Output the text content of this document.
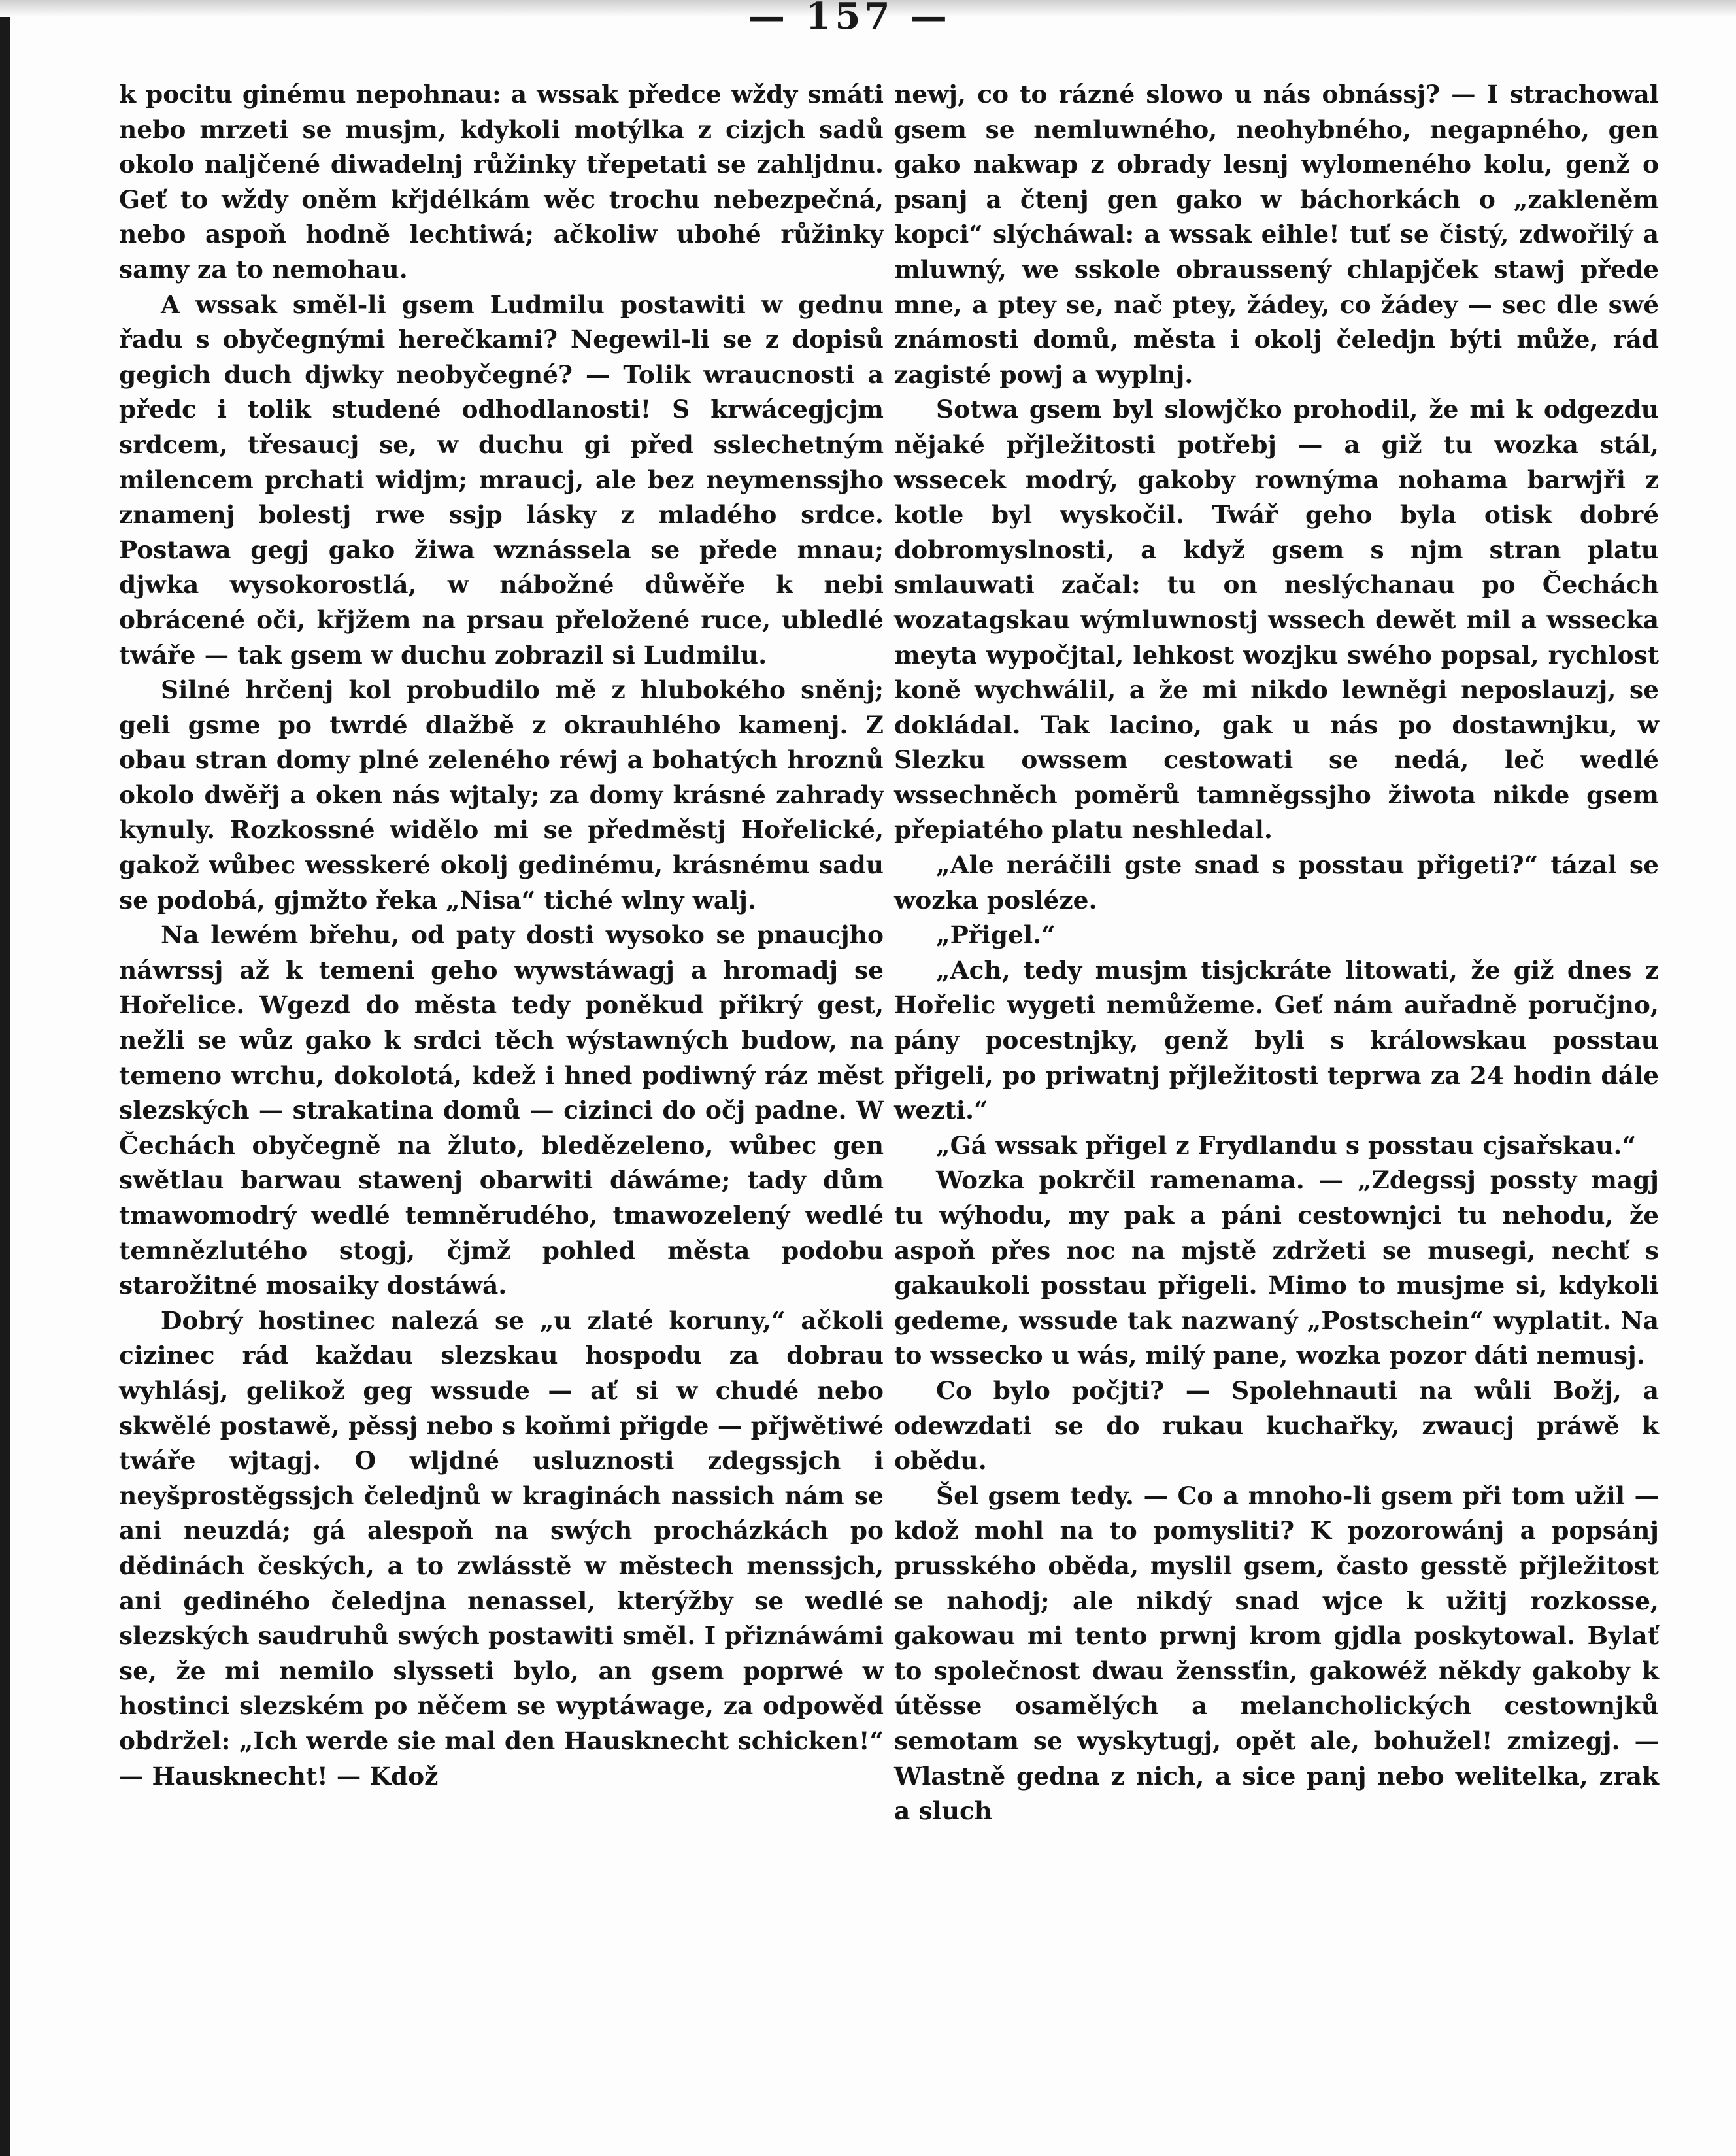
— 157 —

k pocitu ginému nepohnau: a wssak předce wždy smáti nebo mrzeti se musjm, kdykoli motýlka z cizjch sadů okolo naljčené diwadelnj růžinky třepetati se zahljdnu. Geť to wždy oněm křjdélkám wěc trochu nebezpečná, nebo aspoň hodně lechtiwá; ačkoliw ubohé růžinky samy za to nemohau.

A wssak směl-li gsem Ludmilu postawiti w gednu řadu s obyčegnými herečkami? Negewil-li se z dopisů gegich duch djwky neobyčegné? — Tolik wraucnosti a předc i tolik studené odhodlanosti! S krwácegjcjm srdcem, třesaucj se, w duchu gi před sslechetným milencem prchati widjm; mraucj, ale bez neymenssjho znamenj bolestj rwe ssjp lásky z mladého srdce. Postawa gegj gako žiwa wznássela se přede mnau; djwka wysokorostlá, w nábožné důwěře k nebi obrácené oči, křjžem na prsau přeložené ruce, ubledlé twáře — tak gsem w duchu zobrazil si Ludmilu.

Silné hrčenj kol probudilo mě z hlubokého sněnj; geli gsme po twrdé dlažbě z okrauhlého kamenj. Z obau stran domy plné zeleného réwj a bohatých hroznů okolo dwěřj a oken nás wjtaly; za domy krásné zahrady kynuly. Rozkossné widělo mi se předměstj Hořelické, gakož wůbec wesskeré okolj gedinému, krásnému sadu se podobá, gjmžto řeka „Nisa“ tiché wlny walj.

Na lewém břehu, od paty dosti wysoko se pnaucjho náwrssj až k temeni geho wywstáwagj a hromadj se Hořelice. Wgezd do města tedy poněkud přikrý gest, nežli se wůz gako k srdci těch wýstawných budow, na temeno wrchu, dokolotá, kdež i hned podiwný ráz měst slezských — strakatina domů — cizinci do očj padne. W Čechách obyčegně na žluto, bledězeleno, wůbec gen swětlau barwau stawenj obarwiti dáwáme; tady dům tmawomodrý wedlé temněrudého, tmawozelený wedlé temnězlutého stogj, čjmž pohled města podobu starožitné mosaiky dostáwá.

Dobrý hostinec nalezá se „u zlaté koruny,“ ačkoli cizinec rád každau slezskau hospodu za dobrau wyhlásj, gelikož geg wssude — ať si w chudé nebo skwělé postawě, pěssj nebo s koňmi přigde — přjwětiwé twáře wjtagj. O wljdné usluznosti zdegssjch i neyšprostěgssjch čeledjnů w kraginách nassich nám se ani neuzdá; gá alespoň na swých procházkách po dědinách českých, a to zwlásstě w městech menssjch, ani gedinéhо čeledjna nenassel, kterýžby se wedlé slezských saudruhů swých postawiti směl. I přiznáwámi se, že mi nemilo slysseti bylo, an gsem poprwé w hostinci slezském po něčem se wyptáwage, za odpowěd obdržel: „Ich werde sie mal den Hausknecht schicken!“ — Hausknecht! — Kdož

newj, co to rázné slowo u nás obnássj? — I strachowal gsem se nemluwného, neohybného, negapného, gen gako nakwap z obrady lesnj wylomeného kolu, genž o psanj a čtenj gen gako w báchorkách o „zakleněm kopci“ slýcháwal: a wssak eihle! tuť se čistý, zdwořilý a mluwný, we sskole obraussený chlapjček stawj přede mne, a ptey se, nač ptey, žádey, co žádey — sec dle swé známosti domů, města i okolj čeledjn býti může, rád zagisté powj a wyplnj.

Sotwa gsem byl slowjčko prohodil, že mi k odgezdu nějaké přjležitosti potřebj — a giž tu wozka stál, wssecek modrý, gakoby rownýma nohama barwjři z kotle byl wyskočil. Twář geho byla otisk dobré dobromyslnosti, a když gsem s njm stran platu smlauwati začal: tu on neslýchanau po Čechách wozatagskau wýmluwnostj wssech dewět mil a wssecka meyta wypočjtal, lehkost wozjku swého popsal, rychlost koně wychwálil, a že mi nikdo lewněgi neposlauzj, se dokládal. Tak lacino, gak u nás po dostawnjku, w Slezku owssem cestowati se nedá, leč wedlé wssechněch poměrů tamněgssjho žiwota nikde gsem přepiatého platu neshledal.

„Ale neráčili gste snad s posstau přigeti?“ tázal se wozka posléze.

„Přigel.“

„Ach, tedy musjm tisjckráte litowati, že giž dnes z Hořelic wygeti nemůžeme. Geť nám auřadně poručjno, pány pocestnjky, genž byli s králowskau posstau přigeli, po priwatnj přjležitosti teprwa za 24 hodin dále wezti.“

„Gá wssak přigel z Frydlandu s posstau cjsařskau.“

Wozka pokrčil ramenama. — „Zdegssj possty magj tu wýhodu, my pak a páni cestownjci tu nehodu, že aspoň přes noc na mjstě zdržeti se musegi, nechť s gakaukoli posstau přigeli. Mimo to musjme si, kdykoli gedeme, wssude tak nazwaný „Postschein“ wyplatit. Na to wssecko u wás, milý pane, wozka pozor dáti nemusj.

Co bylo počjti? — Spolehnauti na wůli Božj, a odewzdati se do rukau kuchařky, zwaucj práwě k obědu.

Šel gsem tedy. — Co a mnoho-li gsem při tom užil — kdož mohl na to pomysliti? K pozorowánj a popsánj prusského oběda, myslil gsem, často gesstě přjležitost se nahodj; ale nikdý snad wjce k užitj rozkosse, gakowau mi tento prwnj krom gjdla poskytowal. Bylať to společnost dwau ženssťin, gakowéž někdy gakoby k útěsse osamělých a melancholických cestownjků semotam se wyskytugj, opět ale, bohužel! zmizegj. — Wlastně gedna z nich, a sice panj nebo welitelka, zrak a sluch
